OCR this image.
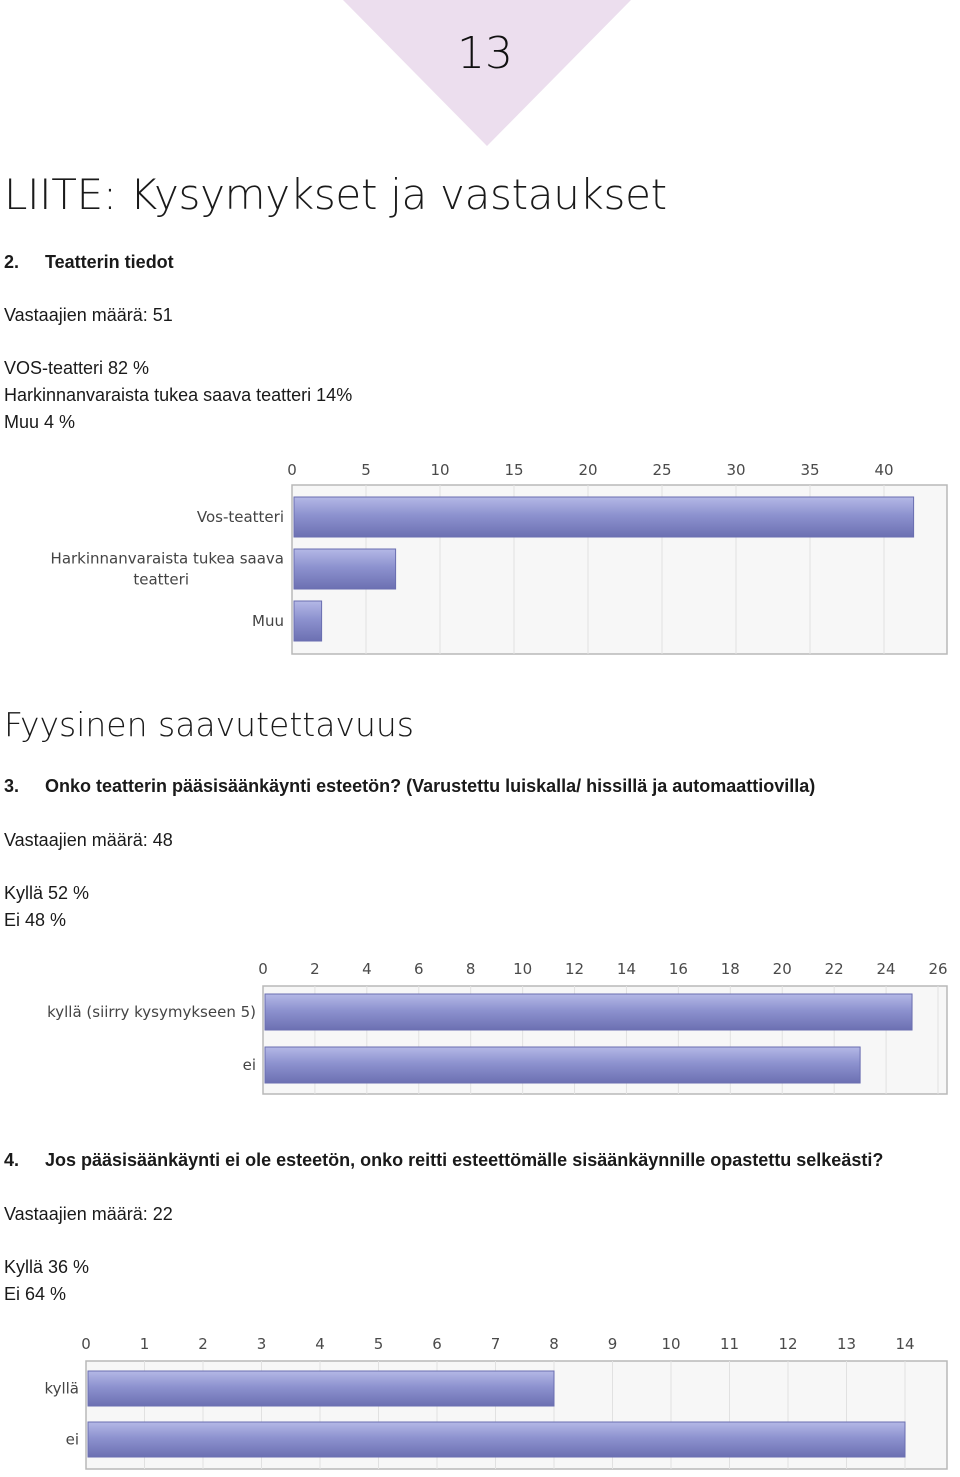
13
LIITE: Kysymykset ja vastaukset
2. Teatterin tiedot
Vastaajien määrä: 51
VOS-teatteri 82 %
Harkinnanvaraista tukea saava teatteri 14%
Muu 4 %
0	5	10	15	20	25	30	35	40
Vos-teatteri
Harkinnanvaraista tukea saava
teatteri
Muu
Fyysinen saavutettavuus
3. Onko teatterin pääsisäänkäynti esteetön? (Varustettu luiskalla/ hissillä ja automaattiovilla)
Vastaajien määrä: 48
Kyllä 52 %
Ei 48 %
0	2	4	6	8	10 12 14 16 18 20 22 24 26
kyllä (siirry kysymykseen 5)
ei
4. Jos pääsisäänkäynti ei ole esteetön, onko reitti esteettömälle sisäänkäynnille opastettu selkeästi?
Vastaajien määrä: 22
Kyllä 36 %
Ei 64 %
0	1	2	3	4	5	6	7	8	9	10	11	12	13	14
kyllä
ei
